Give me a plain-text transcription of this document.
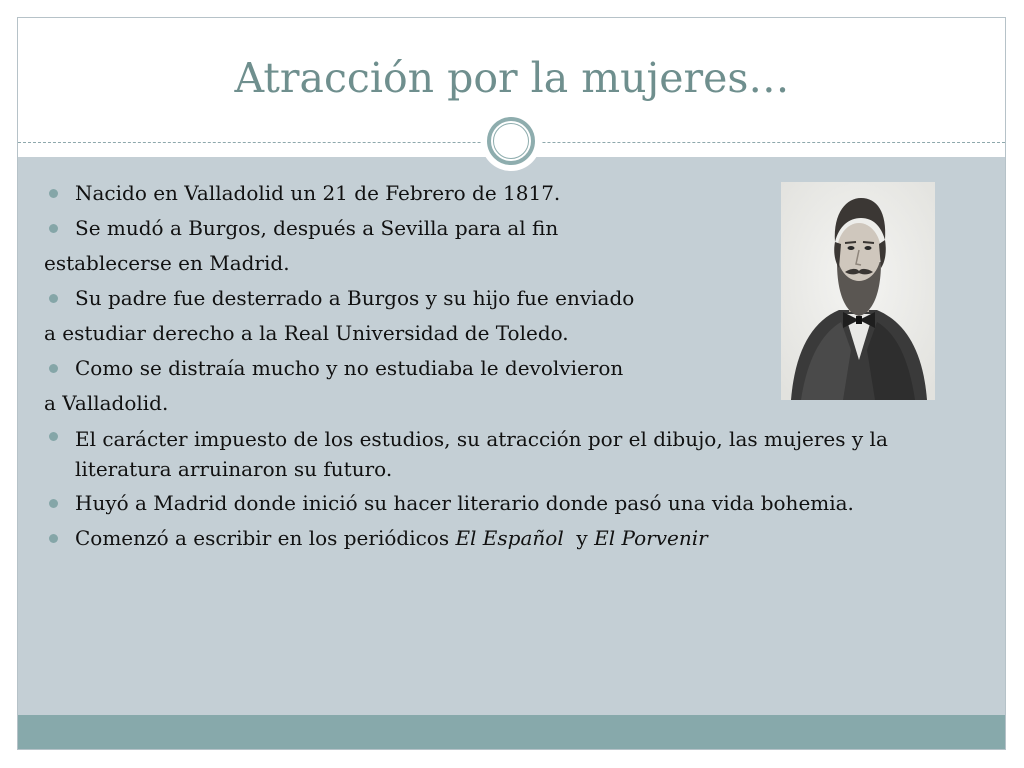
Atracción por la mujeres…
Nacido en Valladolid un 21 de Febrero de 1817.
Se mudó a Burgos, después a Sevilla para al fin
establecerse en Madrid.
Su padre fue desterrado a Burgos y su hijo fue enviado
a estudiar derecho a la Real Universidad de Toledo.
Como se distraía mucho y no estudiaba le devolvieron
a Valladolid.
El carácter impuesto de los estudios, su atracción por el dibujo, las mujeres y la literatura arruinaron su futuro.
Huyó a Madrid donde inició su hacer literario donde pasó una vida bohemia.
Comenzó a escribir en los periódicos El Español  y El Porvenir
